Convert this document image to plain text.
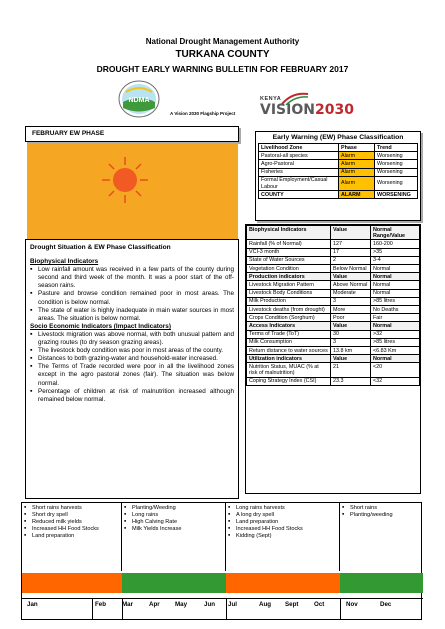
National Drought Management Authority
TURKANA COUNTY
DROUGHT EARLY WARNING BULLETIN FOR FEBRUARY 2017
NDMA
A Vision 2030 Flagship Project
KENYA
VISION2030
FEBRUARY EW PHASE
Drought Situation & EW Phase Classification
Biophysical Indicators
▪ Low rainfall amount was received in a few parts of the county during second and third week of the month. It was a poor start of the off-season rains.
▪ Pasture and browse condition remained poor in most areas. The condition is below normal.
▪ The state of water is highly inadequate in main water sources in most areas. The situation is below normal.
Socio Economic Indicators (Impact Indicators)
▪ Livestock migration was above normal, with both unusual pattern and grazing routes (to dry season grazing areas).
▪ The livestock body condition was poor in most areas of the county.
▪ Distances to both grazing-water and household-water increased.
▪ The Terms of Trade recorded were poor in all the livelihood zones except in the agro pastoral zones (fair). The situation was below normal.
▪ Percentage of children at risk of malnutrition increased although remained below normal.
Early Warning (EW) Phase Classification
Livelihood Zone	Phase	Trend
Pastoral-all species	Alarm	Worsening
Agro-Pastoral	Alarm	Worsening
Fisheries	Alarm	Worsening
Formal Employment/Casual Labour	Alarm	Worsening
COUNTY	ALARM	WORSENING
Biophysical Indicators	Value	Normal Range/Value
Rainfall (% of Normal)	127	160-200
VCI-3 month	17	>35
State of Water Sources	2	3-4
Vegetation Condition	Below Normal	Normal
Production indicators	Value	Normal
Livestock Migration Pattern	Above Normal	Normal
Livestock Body Conditions	Moderate	Normal
Milk Production	3	>85 litres
Livestock deaths (from drought)	More	No Deaths
Crops Condition (Sorghum)	Poor	Fair
Access Indicators	Value	Normal
Terms of Trade (ToT)	30	>32
Milk Consumption	3	>85 litres
Return distance to water sources	13.8 km	<6.83 Km
Utilization indicators	Value	Normal
Nutrition Status, MUAC (% at risk of malnutrition)	21	<20
Coping Strategy Index (CSI)	23.3	<32
▪ Short rains harvests
▪ Short dry spell
▪ Reduced milk yields
▪ Increased HH Food Stocks
▪ Land preparation
▪ Planting/Weeding
▪ Long rains
▪ High Calving Rate
▪ Milk Yields Increase
▪ Long rains harvests
▪ A long dry spell
▪ Land preparation
▪ Increased HH Food Stocks
▪ Kidding (Sept)
▪ Short rains
▪ Planting/weeding
Jan	Feb	Mar	Apr May	Jun Jul	Aug Sept	Oct	Nov	Dec
